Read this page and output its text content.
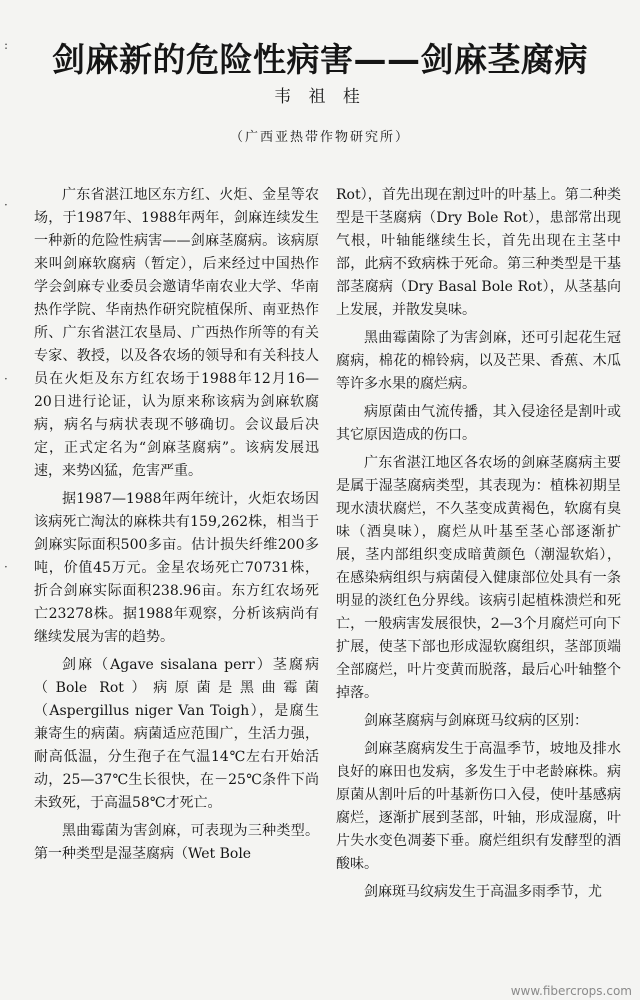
剑麻新的危险性病害——剑麻茎腐病
韦 祖 桂
（广西亚热带作物研究所）
:
·
·
·

广东省湛江地区东方红、火炬、金星等农场，于1987年、1988年两年，剑麻连续发生一种新的危险性病害——剑麻茎腐病。该病原来叫剑麻软腐病（暂定），后来经过中国热作学会剑麻专业委员会邀请华南农业大学、华南热作学院、华南热作研究院植保所、南亚热作所、广东省湛江农垦局、广西热作所等的有关专家、教授，以及各农场的领导和有关科技人员在火炬及东方红农场于1988年12月16—20日进行论证，认为原来称该病为剑麻软腐病，病名与病状表现不够确切。会议最后决定，正式定名为“剑麻茎腐病”。该病发展迅速，来势凶猛，危害严重。

据1987—1988年两年统计，火炬农场因该病死亡淘汰的麻株共有159,262株，相当于剑麻实际面积500多亩。估计损失纤维200多吨，价值45万元。金星农场死亡70731株，折合剑麻实际面积238.96亩。东方红农场死亡23278株。据1988年观察，分析该病尚有继续发展为害的趋势。

剑麻（Agave sisalana perr）茎腐病（Bole Rot）病原菌是黑曲霉菌（Aspergillus niger Van Toigh），是腐生兼寄生的病菌。病菌适应范围广，生活力强，耐高低温，分生孢子在气温14℃左右开始活动，25—37℃生长很快，在－25℃条件下尚未致死，于高温58℃才死亡。

黑曲霉菌为害剑麻，可表现为三种类型。第一种类型是湿茎腐病（Wet Bole

Rot），首先出现在割过叶的叶基上。第二种类型是干茎腐病（Dry Bole Rot），患部常出现气根，叶轴能继续生长，首先出现在主茎中部，此病不致病株于死命。第三种类型是干基部茎腐病（Dry Basal Bole Rot），从茎基向上发展，并散发臭味。

黑曲霉菌除了为害剑麻，还可引起花生冠腐病，棉花的棉铃病，以及芒果、香蕉、木瓜等许多水果的腐烂病。

病原菌由气流传播，其入侵途径是割叶或其它原因造成的伤口。

广东省湛江地区各农场的剑麻茎腐病主要是属于湿茎腐病类型，其表现为：植株初期呈现水渍状腐烂，不久茎变成黄褐色，软腐有臭味（酒臭味），腐烂从叶基至茎心部逐渐扩展，茎内部组织变成暗黄颜色（潮湿软焰），在感染病组织与病菌侵入健康部位处具有一条明显的淡红色分界线。该病引起植株溃烂和死亡，一般病害发展很快，2—3个月腐烂可向下扩展，使茎下部也形成湿软腐组织，茎部顶端全部腐烂，叶片变黄而脱落，最后心叶轴整个掉落。

剑麻茎腐病与剑麻斑马纹病的区别：

剑麻茎腐病发生于高温季节，坡地及排水良好的麻田也发病，多发生于中老龄麻株。病原菌从割叶后的叶基新伤口入侵，使叶基感病腐烂，逐渐扩展到茎部，叶轴，形成湿腐，叶片失水变色凋萎下垂。腐烂组织有发酵型的酒酸味。

剑麻斑马纹病发生于高温多雨季节，尤

www.fibercrops.com
